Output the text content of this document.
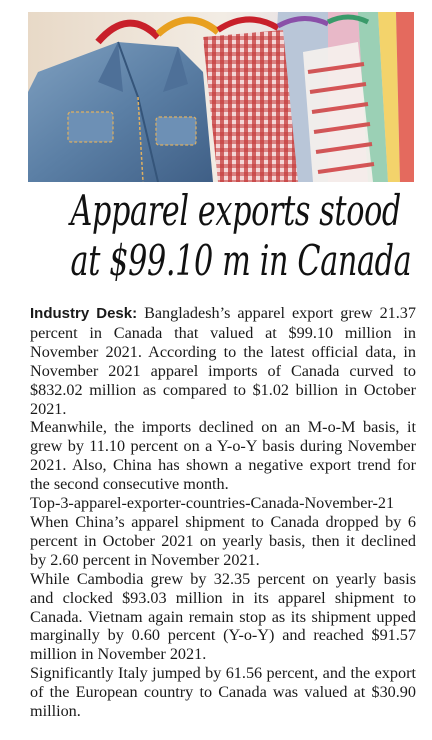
Apparel exports stood
at $99.10 m in Canada

Industry Desk: Bangladesh’s apparel export grew 21.37 percent in Canada that valued at $99.10 million in November 2021. According to the latest official data, in November 2021 apparel imports of Canada curved to $832.02 million as compared to $1.02 billion in October 2021.

Meanwhile, the imports declined on an M-o-M basis, it grew by 11.10 percent on a Y-o-Y basis during November 2021. Also, China has shown a negative export trend for the second consecutive month.

Top-3-apparel-exporter-countries-Canada-November-21

When China’s apparel shipment to Canada dropped by 6 percent in October 2021 on yearly basis, then it declined by 2.60 percent in November 2021.

While Cambodia grew by 32.35 percent on yearly basis and clocked $93.03 million in its apparel shipment to Canada. Vietnam again remain stop as its shipment upped marginally by 0.60 percent (Y-o-Y) and reached $91.57 million in November 2021.

Significantly Italy jumped by 61.56 percent, and the export of the European country to Canada was valued at $30.90 million.
